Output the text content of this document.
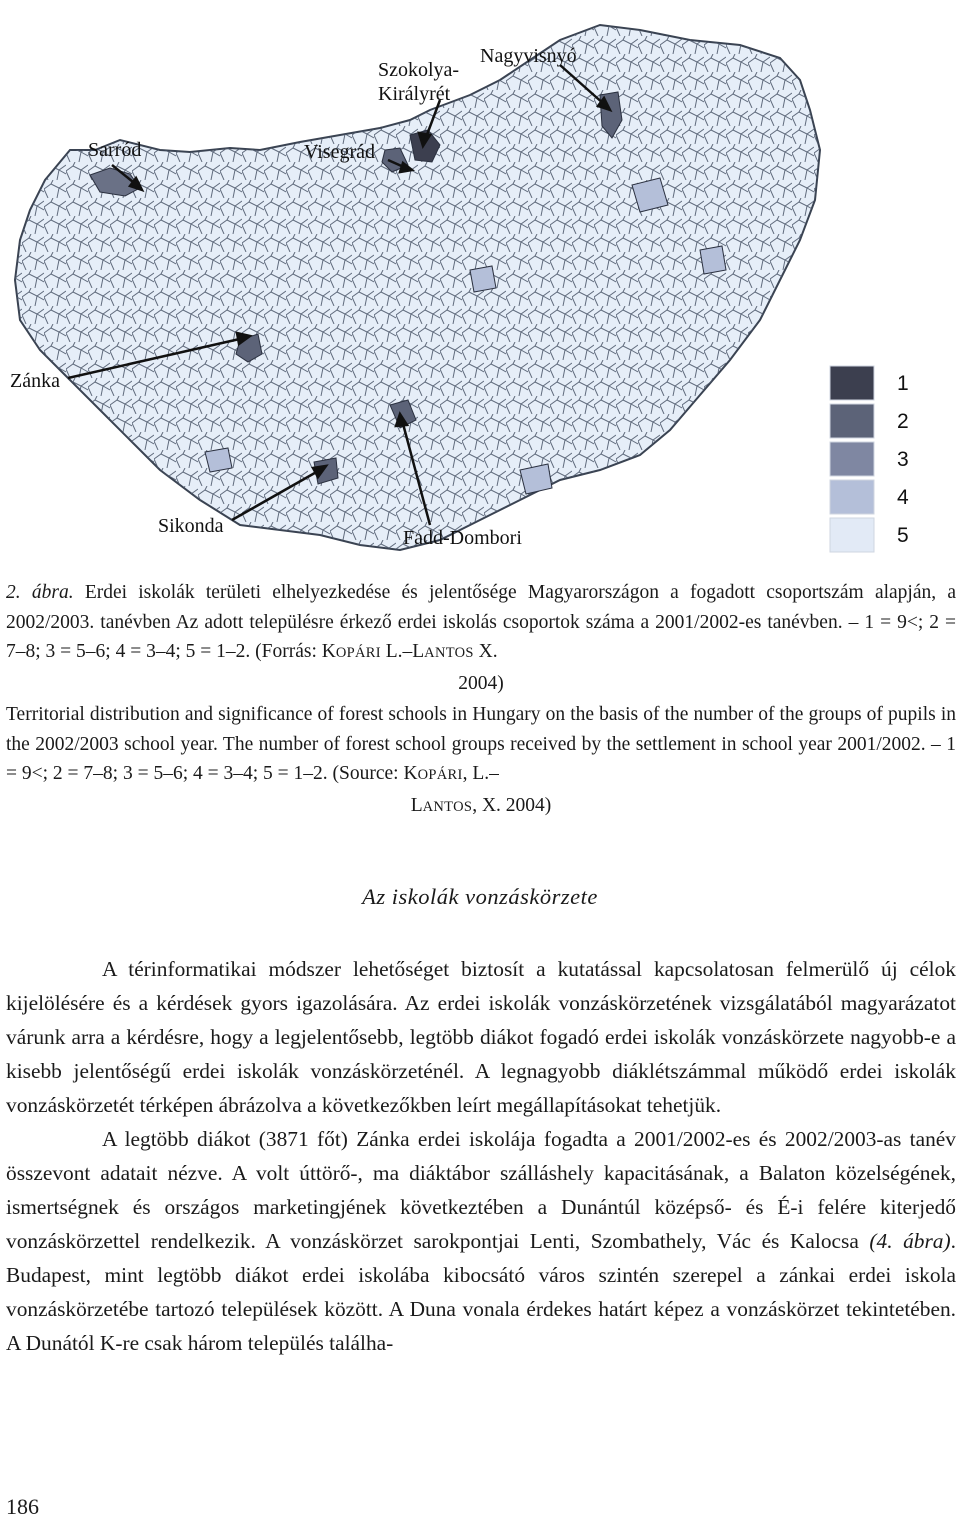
Szokolya-
Királyrét
Nagyvisnyó
Sarród	Visegrád
Zánka
Sikonda
Fadd-Dombori
1
2
3
4
5
2. ábra. Erdei iskolák területi elhelyezkedése és jelentősége Magyarországon a fogadott csoportszám alapján, a 2002/2003. tanévben Az adott településre érkező erdei iskolás csoportok száma a 2001/2002-es tanévben. – 1 = 9<; 2 = 7–8; 3 = 5–6; 4 = 3–4; 5 = 1–2. (Forrás: KOPÁRI L.–LANTOS X.
2004)
Territorial distribution and significance of forest schools in Hungary on the basis of the number of the groups of pupils in the 2002/2003 school year. The number of forest school groups received by the settlement in school year 2001/2002. – 1 = 9<; 2 = 7–8; 3 = 5–6; 4 = 3–4; 5 = 1–2. (Source: KOPÁRI, L.–
LANTOS, X. 2004)
Az iskolák vonzáskörzete

A térinformatikai módszer lehetőséget biztosít a kutatással kapcsolatosan felmerülő új célok kijelölésére és a kérdések gyors igazolására. Az erdei iskolák vonzáskörzetének vizsgálatából magyarázatot várunk arra a kérdésre, hogy a legjelentősebb, legtöbb diákot fogadó erdei iskolák vonzáskörzete nagyobb-e a kisebb jelentőségű erdei iskolák vonzáskörzeténél. A legnagyobb diáklétszámmal működő erdei iskolák vonzáskörzetét térképen ábrázolva a következőkben leírt megállapításokat tehetjük.

A legtöbb diákot (3871 főt) Zánka erdei iskolája fogadta a 2001/2002-es és 2002/2003-as tanév összevont adatait nézve. A volt úttörő-, ma diáktábor szálláshely kapacitásának, a Balaton közelségének, ismertségnek és országos marketingjének következtében a Dunántúl középső- és É-i felére kiterjedő vonzáskörzettel rendelkezik. A vonzáskörzet sarokpontjai Lenti, Szombathely, Vác és Kalocsa (4. ábra). Budapest, mint legtöbb diákot erdei iskolába kibocsátó város szintén szerepel a zánkai erdei iskola vonzáskörzetébe tartozó települések között. A Duna vonala érdekes határt képez a vonzáskörzet tekintetében. A Dunától K-re csak három település találha-

186
